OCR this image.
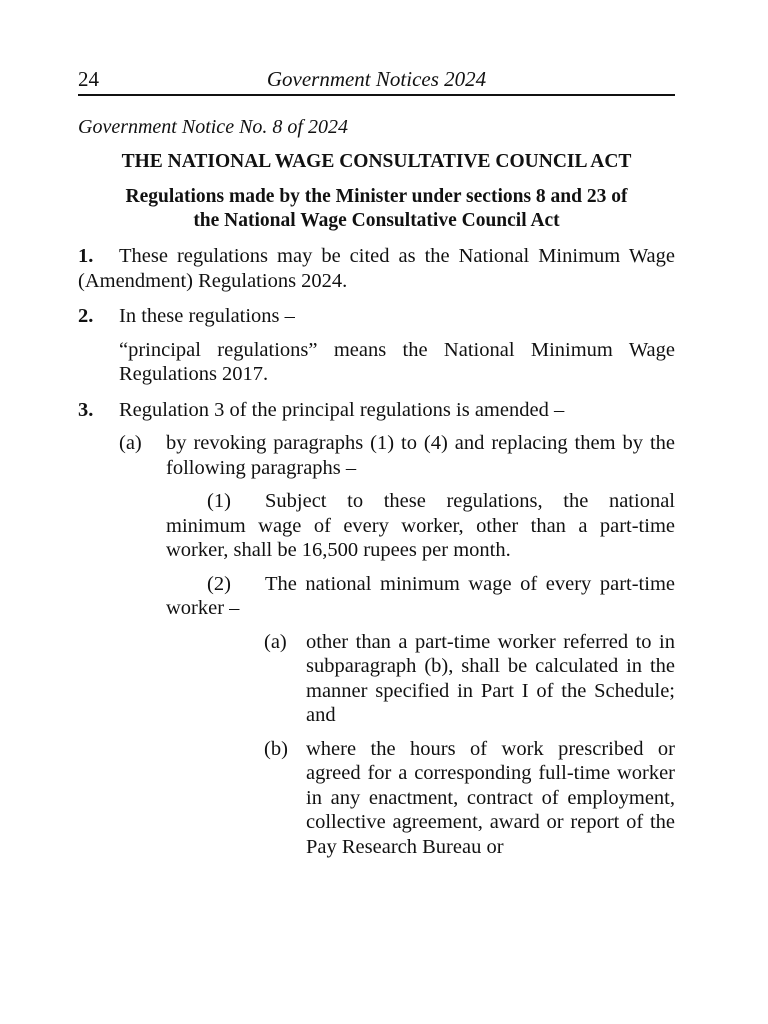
24	Government Notices 2024
Government Notice No. 8 of 2024
THE NATIONAL WAGE CONSULTATIVE COUNCIL ACT
Regulations made by the Minister under sections 8 and 23 of
the National Wage Consultative Council Act
1.	These regulations may be cited as the National Minimum Wage (Amendment) Regulations 2024.
2.	In these regulations –
“principal regulations” means the National Minimum Wage Regulations 2017.
3.	Regulation 3 of the principal regulations is amended –
(a) by revoking paragraphs (1) to (4) and replacing them by the following paragraphs –
(1) Subject to these regulations, the national minimum wage of every worker, other than a part-time worker, shall be 16,500 rupees per month.
(2) The national minimum wage of every part-time worker –
(a) other than a part-time worker referred to in subparagraph (b), shall be calculated in the manner specified in Part I of the Schedule; and
(b) where the hours of work prescribed or agreed for a corresponding full-time worker in any enactment, contract of employment, collective agreement, award or report of the Pay Research Bureau or
